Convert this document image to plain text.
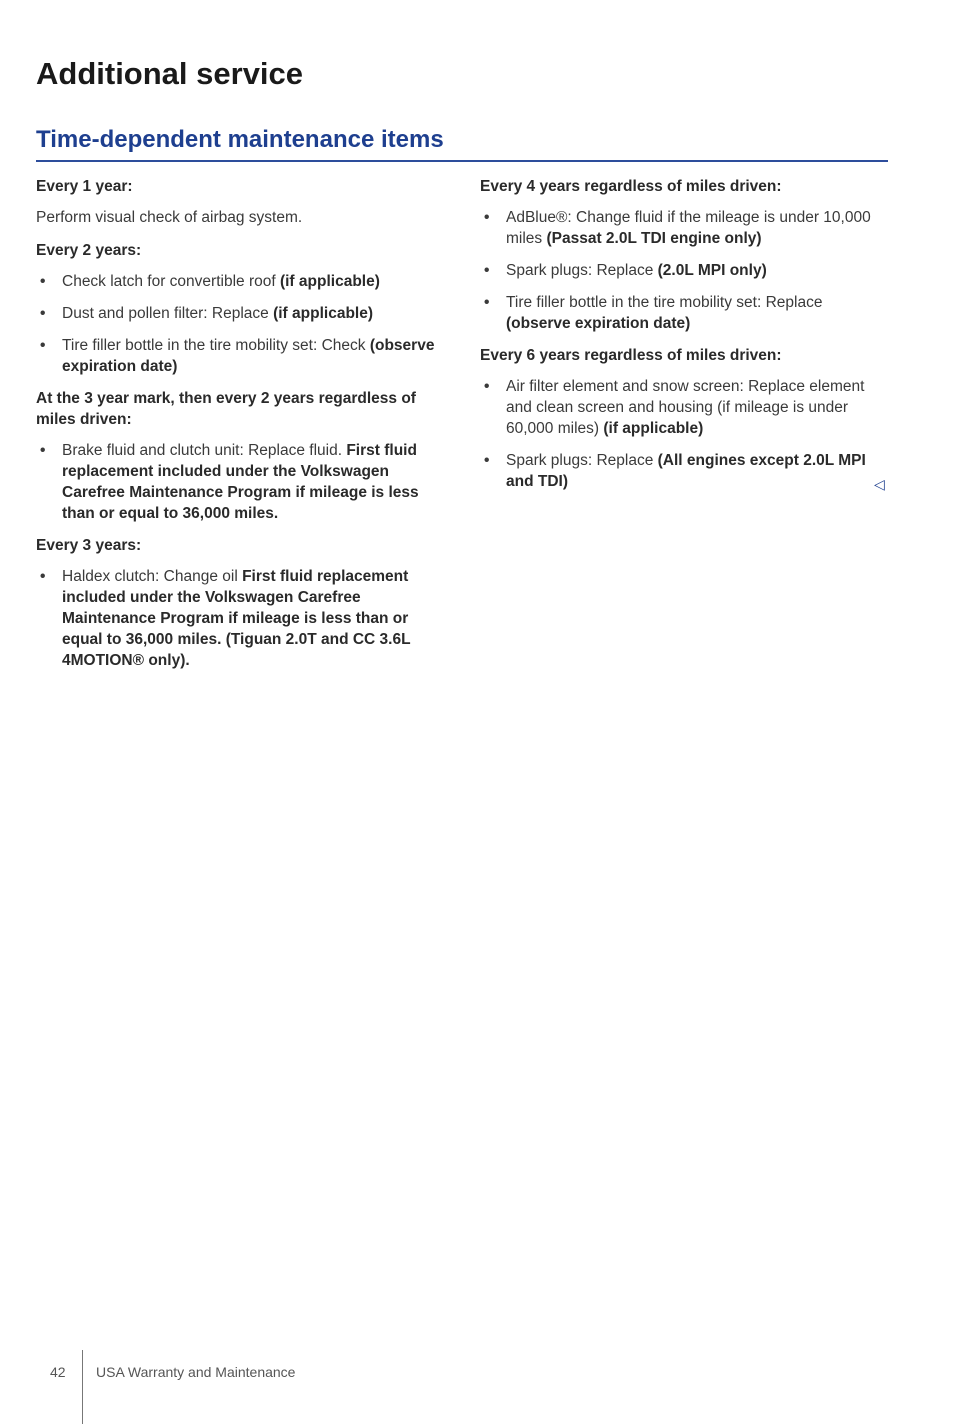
Additional service
Time-dependent maintenance items

Every 1 year:

Perform visual check of airbag system.

Every 2 years:

• Check latch for convertible roof (if applicable)
• Dust and pollen filter: Replace (if applicable)
• Tire filler bottle in the tire mobility set: Check (observe expiration date)

At the 3 year mark, then every 2 years regardless of miles driven:

• Brake fluid and clutch unit: Replace fluid. First fluid replacement included under the Volkswagen Carefree Maintenance Program if mileage is less than or equal to 36,000 miles.

Every 3 years:

• Haldex clutch: Change oil First fluid replacement included under the Volkswagen Carefree Maintenance Program if mileage is less than or equal to 36,000 miles. (Tiguan 2.0T and CC 3.6L 4MOTION® only).

Every 4 years regardless of miles driven:

• AdBlue®: Change fluid if the mileage is under 10,000 miles (Passat 2.0L TDI engine only)
• Spark plugs: Replace (2.0L MPI only)
• Tire filler bottle in the tire mobility set: Replace (observe expiration date)

Every 6 years regardless of miles driven:

• Air filter element and snow screen: Replace element and clean screen and housing (if mileage is under 60,000 miles) (if applicable)
• Spark plugs: Replace (All engines except 2.0L MPI and TDI)	◁
42 USA Warranty and Maintenance
